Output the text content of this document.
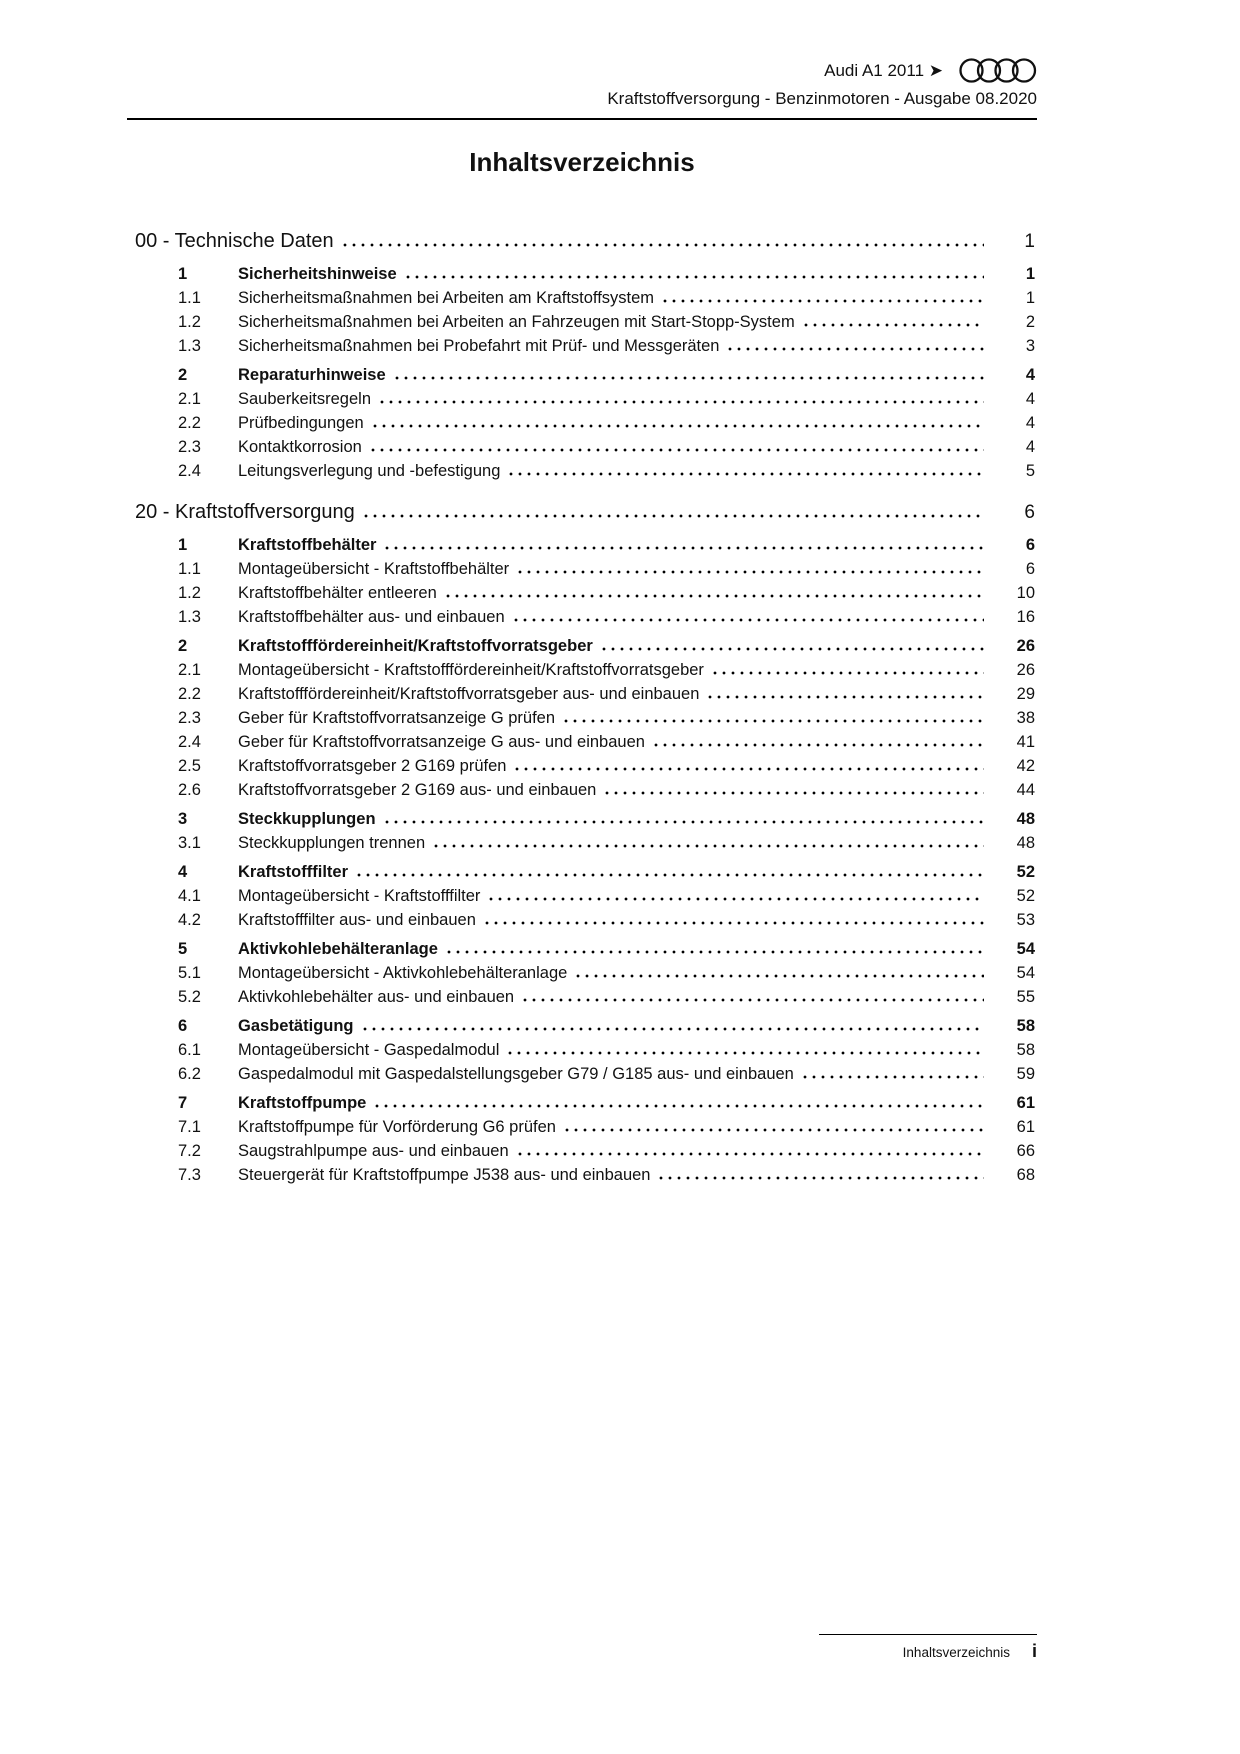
Audi A1 2011 ➤
Kraftstoffversorgung - Benzinmotoren - Ausgabe 08.2020
Inhaltsverzeichnis
00 - Technische Daten	1
1	Sicherheitshinweise	1
1.1	Sicherheitsmaßnahmen bei Arbeiten am Kraftstoffsystem	1
1.2	Sicherheitsmaßnahmen bei Arbeiten an Fahrzeugen mit Start-Stopp-System	2
1.3	Sicherheitsmaßnahmen bei Probefahrt mit Prüf- und Messgeräten	3
2	Reparaturhinweise	4
2.1	Sauberkeitsregeln	4
2.2	Prüfbedingungen	4
2.3	Kontaktkorrosion	4
2.4	Leitungsverlegung und -befestigung	5
20 - Kraftstoffversorgung	6
1	Kraftstoffbehälter	6
1.1	Montageübersicht - Kraftstoffbehälter	6
1.2	Kraftstoffbehälter entleeren	10
1.3	Kraftstoffbehälter aus- und einbauen	16
2	Kraftstofffördereinheit/Kraftstoffvorratsgeber	26
2.1	Montageübersicht - Kraftstofffördereinheit/Kraftstoffvorratsgeber	26
2.2	Kraftstofffördereinheit/Kraftstoffvorratsgeber aus- und einbauen	29
2.3	Geber für Kraftstoffvorratsanzeige G prüfen	38
2.4	Geber für Kraftstoffvorratsanzeige G aus- und einbauen	41
2.5	Kraftstoffvorratsgeber 2 G169 prüfen	42
2.6	Kraftstoffvorratsgeber 2 G169 aus- und einbauen	44
3	Steckkupplungen	48
3.1	Steckkupplungen trennen	48
4	Kraftstofffilter	52
4.1	Montageübersicht - Kraftstofffilter	52
4.2	Kraftstofffilter aus- und einbauen	53
5	Aktivkohlebehälteranlage	54
5.1	Montageübersicht - Aktivkohlebehälteranlage	54
5.2	Aktivkohlebehälter aus- und einbauen	55
6	Gasbetätigung	58
6.1	Montageübersicht - Gaspedalmodul	58
6.2	Gaspedalmodul mit Gaspedalstellungsgeber G79 / G185 aus- und einbauen	59
7	Kraftstoffpumpe	61
7.1	Kraftstoffpumpe für Vorförderung G6 prüfen	61
7.2	Saugstrahlpumpe aus- und einbauen	66
7.3	Steuergerät für Kraftstoffpumpe J538 aus- und einbauen	68
Inhaltsverzeichnis i
